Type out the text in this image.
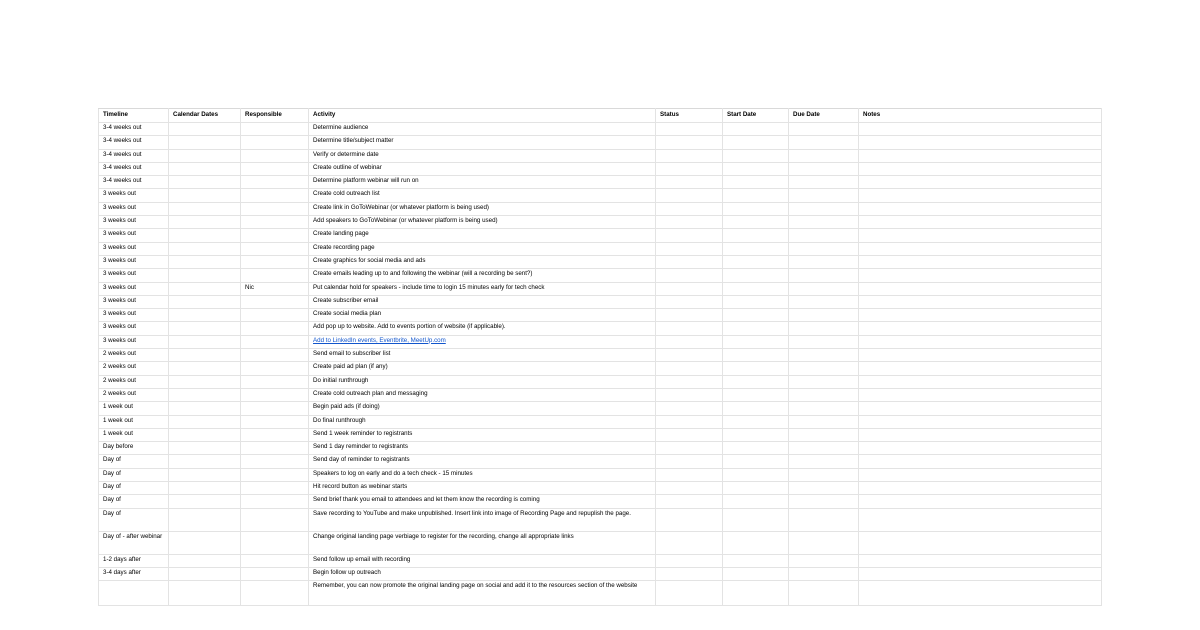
Timeline	Calendar Dates	Responsible	Activity	Status	Start Date	Due Date	Notes
3-4 weeks out			Determine audience				
3-4 weeks out			Determine title/subject matter				
3-4 weeks out			Verify or determine date				
3-4 weeks out			Create outline of webinar				
3-4 weeks out			Determine platform webinar will run on				
3 weeks out			Create cold outreach list				
3 weeks out			Create link in GoToWebinar (or whatever platform is being used)				
3 weeks out			Add speakers to GoToWebinar (or whatever platform is being used)				
3 weeks out			Create landing page				
3 weeks out			Create recording page				
3 weeks out			Create graphics for social media and ads				
3 weeks out			Create emails leading up to and following the webinar (will a recording be sent?)				
3 weeks out		Nic	Put calendar hold for speakers - include time to login 15 minutes early for tech check				
3 weeks out			Create subscriber email				
3 weeks out			Create social media plan				
3 weeks out			Add pop up to website. Add to events portion of website (if applicable).				
3 weeks out			Add to LinkedIn events, Eventbrite, MeetUp.com				
2 weeks out			Send email to subscriber list				
2 weeks out			Create paid ad plan (if any)				
2 weeks out			Do initial runthrough				
2 weeks out			Create cold outreach plan and messaging				
1 week out			Begin paid ads (if doing)				
1 week out			Do final runthrough				
1 week out			Send 1 week reminder to registrants				
Day before			Send 1 day reminder to registrants				
Day of			Send day of reminder to registrants				
Day of			Speakers to log on early and do a tech check - 15 minutes				
Day of			Hit record button as webinar starts				
Day of			Send brief thank you email to attendees and let them know the recording is coming				
Day of			Save recording to YouTube and make unpublished. Insert link into image of Recording Page and repuplish the page.				
Day of - after webinar			Change original landing page verbiage to register for the recording, change all appropriate links				
1-2 days after			Send follow up email with recording				
3-4 days after			Begin follow up outreach				
			Remember, you can now promote the original landing page on social and add it to the resources section of the website				
